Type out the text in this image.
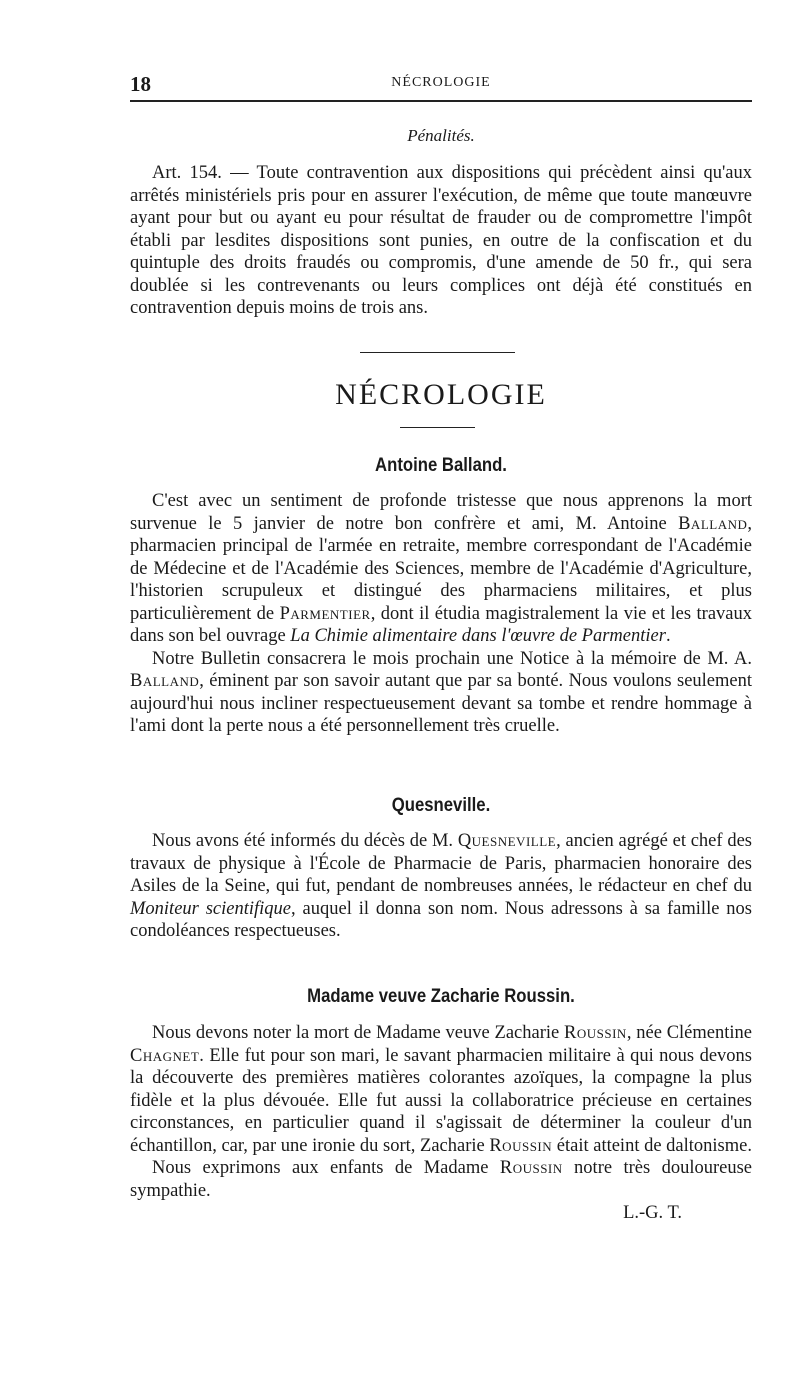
18	NÉCROLOGIE
Pénalités.

Art. 154. — Toute contravention aux dispositions qui précèdent ainsi qu'aux arrêtés ministériels pris pour en assurer l'exécution, de même que toute manœuvre ayant pour but ou ayant eu pour résultat de frauder ou de compromettre l'impôt établi par lesdites dispositions sont punies, en outre de la confiscation et du quintuple des droits fraudés ou compromis, d'une amende de 50 fr., qui sera doublée si les contrevenants ou leurs complices ont déjà été constitués en contravention depuis moins de trois ans.

NÉCROLOGIE
Antoine Balland.

C'est avec un sentiment de profonde tristesse que nous apprenons la mort survenue le 5 janvier de notre bon confrère et ami, M. Antoine Balland, pharmacien principal de l'armée en retraite, membre correspondant de l'Académie de Médecine et de l'Académie des Sciences, membre de l'Académie d'Agriculture, l'historien scrupuleux et distingué des pharmaciens militaires, et plus particulièrement de Parmentier, dont il étudia magistralement la vie et les travaux dans son bel ouvrage La Chimie alimentaire dans l'œuvre de Parmentier.

Notre Bulletin consacrera le mois prochain une Notice à la mémoire de M. A. Balland, éminent par son savoir autant que par sa bonté. Nous voulons seulement aujourd'hui nous incliner respectueusement devant sa tombe et rendre hommage à l'ami dont la perte nous a été personnellement très cruelle.

Quesneville.

Nous avons été informés du décès de M. Quesneville, ancien agrégé et chef des travaux de physique à l'École de Pharmacie de Paris, pharmacien honoraire des Asiles de la Seine, qui fut, pendant de nombreuses années, le rédacteur en chef du Moniteur scientifique, auquel il donna son nom. Nous adressons à sa famille nos condoléances respectueuses.

Madame veuve Zacharie Roussin.

Nous devons noter la mort de Madame veuve Zacharie Roussin, née Clémentine Chagnet. Elle fut pour son mari, le savant pharmacien militaire à qui nous devons la découverte des premières matières colorantes azoïques, la compagne la plus fidèle et la plus dévouée. Elle fut aussi la collaboratrice précieuse en certaines circonstances, en particulier quand il s'agissait de déterminer la couleur d'un échantillon, car, par une ironie du sort, Zacharie Roussin était atteint de daltonisme.

Nous exprimons aux enfants de Madame Roussin notre très douloureuse sympathie.

L.-G. T.
